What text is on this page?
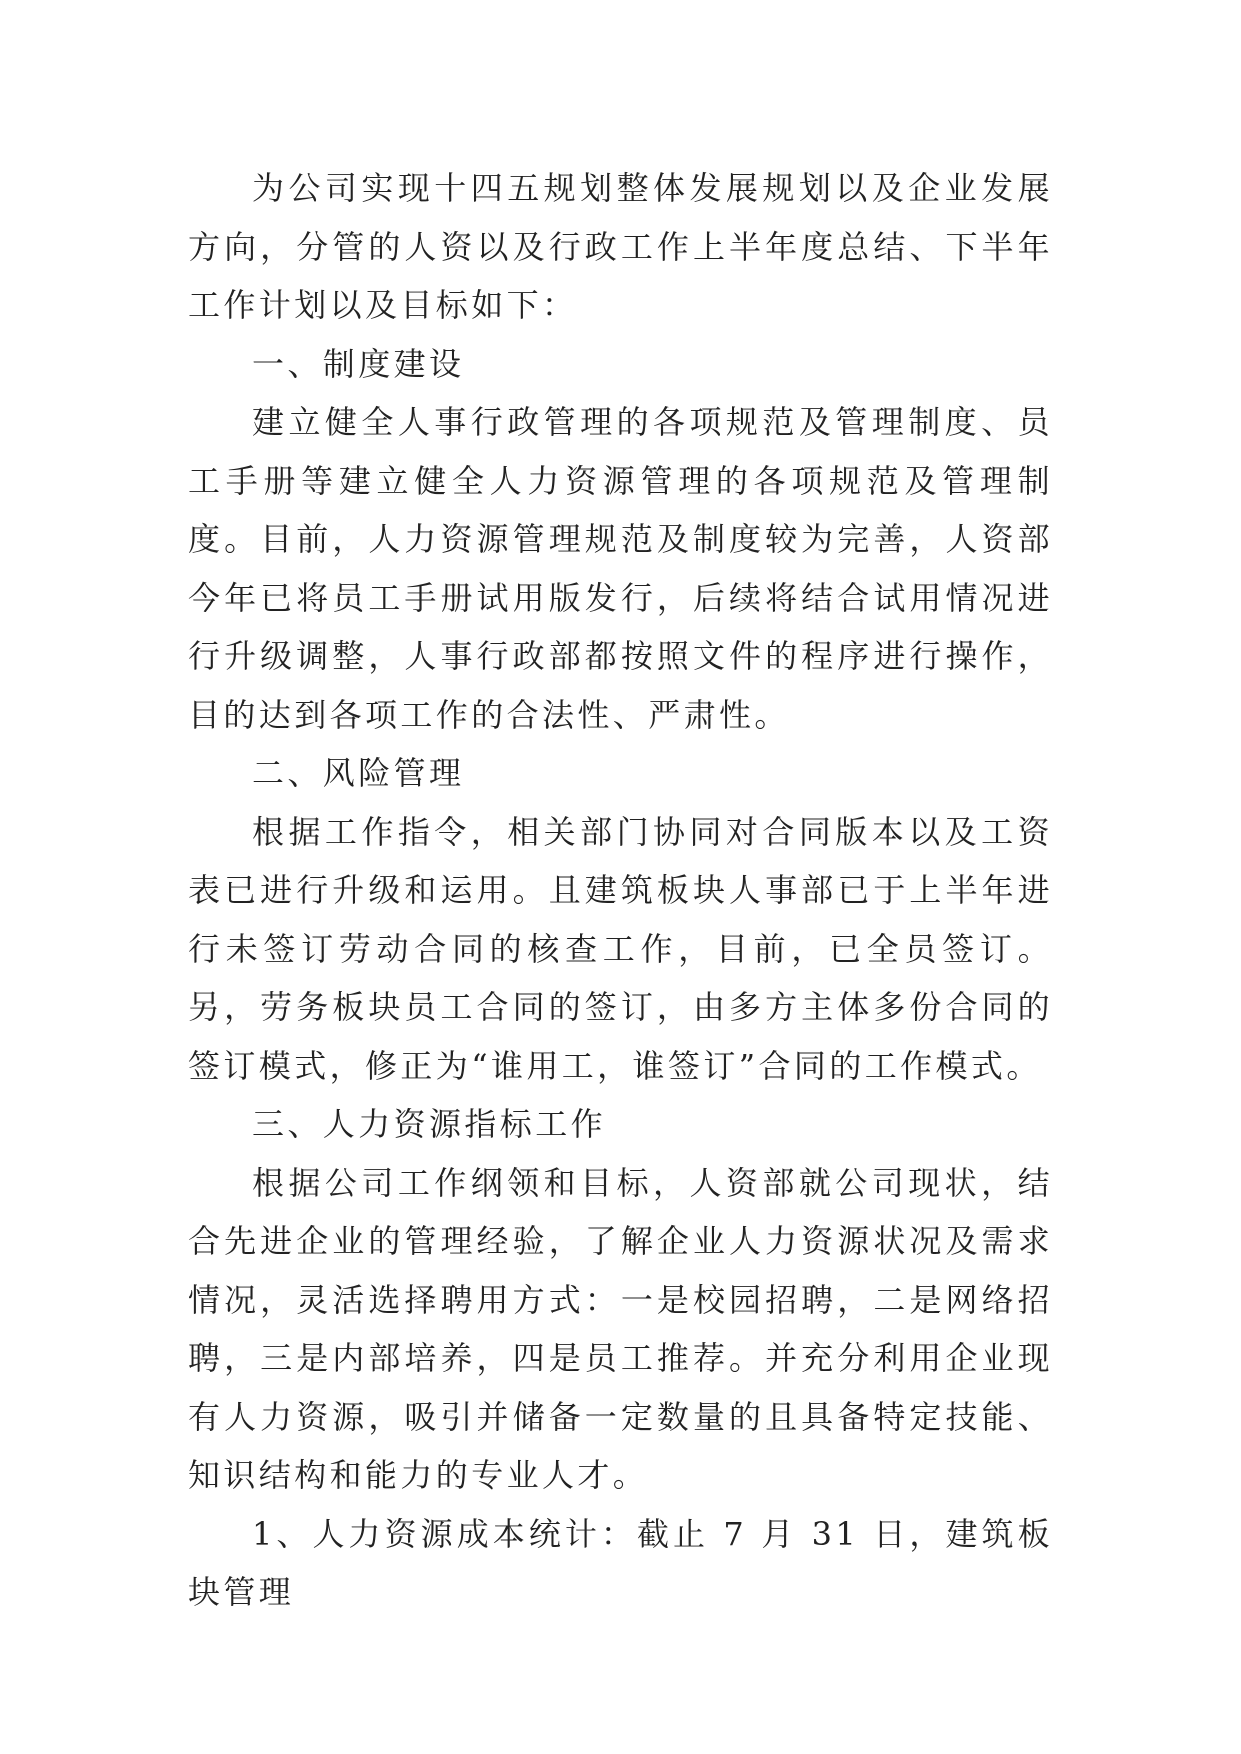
为公司实现十四五规划整体发展规划以及企业发展方向，分管的人资以及行政工作上半年度总结、下半年工作计划以及目标如下：

一、制度建设

建立健全人事行政管理的各项规范及管理制度、员工手册等建立健全人力资源管理的各项规范及管理制度。目前，人力资源管理规范及制度较为完善，人资部今年已将员工手册试用版发行，后续将结合试用情况进行升级调整，人事行政部都按照文件的程序进行操作，目的达到各项工作的合法性、严肃性。

二、风险管理

根据工作指令，相关部门协同对合同版本以及工资表已进行升级和运用。且建筑板块人事部已于上半年进行未签订劳动合同的核查工作，目前，已全员签订。另，劳务板块员工合同的签订，由多方主体多份合同的签订模式，修正为“谁用工，谁签订”合同的工作模式。

三、人力资源指标工作

根据公司工作纲领和目标，人资部就公司现状，结合先进企业的管理经验，了解企业人力资源状况及需求情况，灵活选择聘用方式：一是校园招聘，二是网络招聘，三是内部培养，四是员工推荐。并充分利用企业现有人力资源，吸引并储备一定数量的且具备特定技能、知识结构和能力的专业人才。

1、人力资源成本统计：截止 7 月 31 日，建筑板块管理
